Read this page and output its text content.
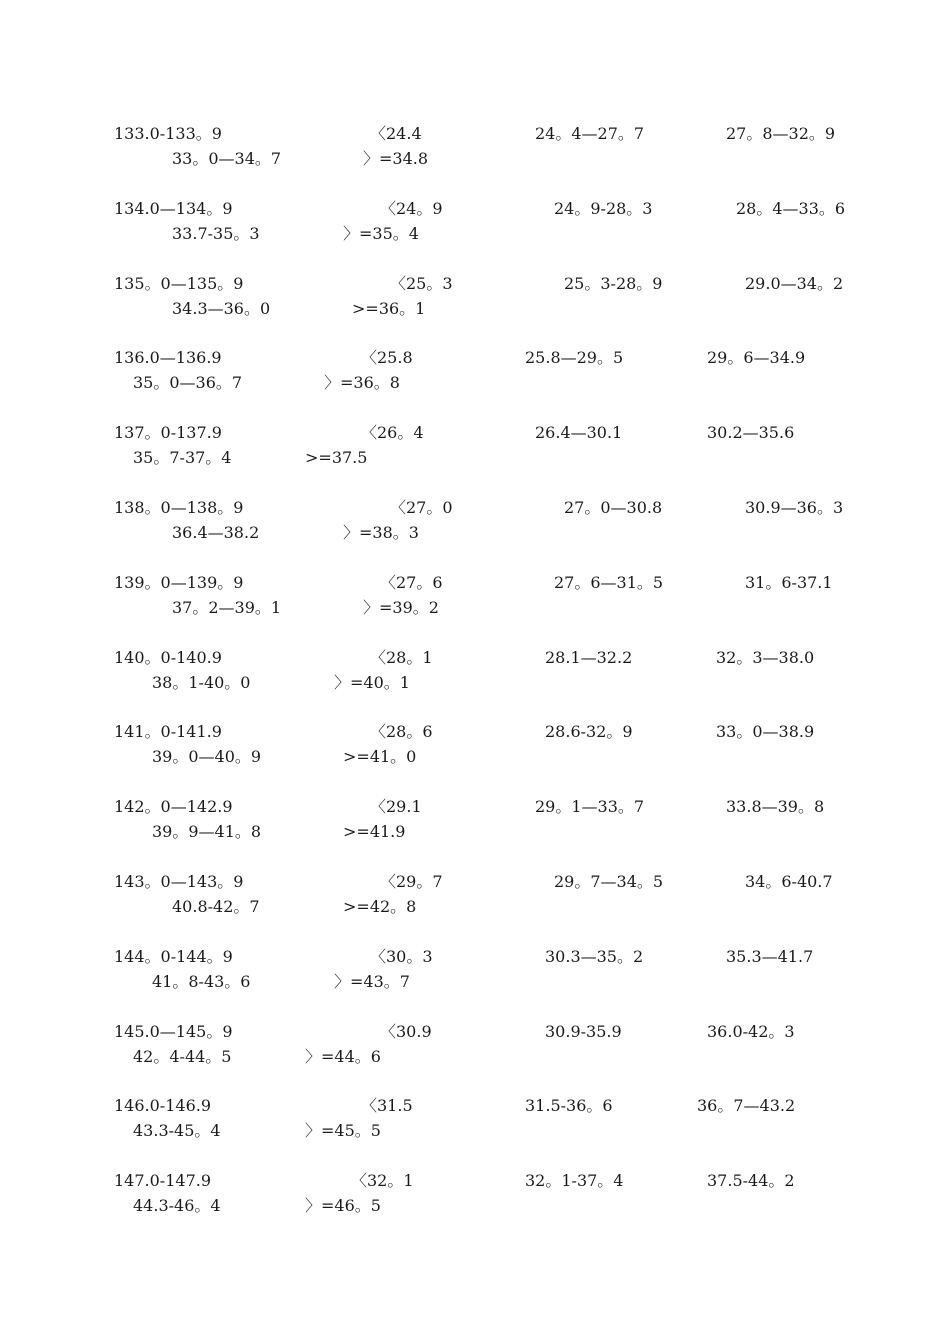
133.0-133。9	〈24.4	24。4—27。7	27。8—32。9
33。0—34。7	〉=34.8
134.0—134。9	〈24。9	24。9-28。3	28。4—33。6
33.7-35。3	〉=35。4
135。0—135。9	〈25。3	25。3-28。9	29.0—34。2
34.3—36。0	>=36。1
136.0—136.9	〈25.8	25.8—29。5	29。6—34.9
35。0—36。7	〉=36。8
137。0-137.9	〈26。4	26.4—30.1	30.2—35.6
35。7-37。4	>=37.5
138。0—138。9	〈27。0	27。0—30.8	30.9—36。3
36.4—38.2	〉=38。3
139。0—139。9	〈27。6	27。6—31。5	31。6-37.1
37。2—39。1	〉=39。2
140。0-140.9	〈28。1	28.1—32.2	32。3—38.0
38。1-40。0	〉=40。1
141。0-141.9	〈28。6	28.6-32。9	33。0—38.9
39。0—40。9	>=41。0
142。0—142.9	〈29.1	29。1—33。7	33.8—39。8
39。9—41。8	>=41.9
143。0—143。9	〈29。7	29。7—34。5	34。6-40.7
40.8-42。7	>=42。8
144。0-144。9	〈30。3	30.3—35。2	35.3—41.7
41。8-43。6	〉=43。7
145.0—145。9	〈30.9	30.9-35.9	36.0-42。3
42。4-44。5	〉=44。6
146.0-146.9	〈31.5	31.5-36。6	36。7—43.2
43.3-45。4	〉=45。5
147.0-147.9	〈32。1	32。1-37。4	37.5-44。2
44.3-46。4	〉=46。5
